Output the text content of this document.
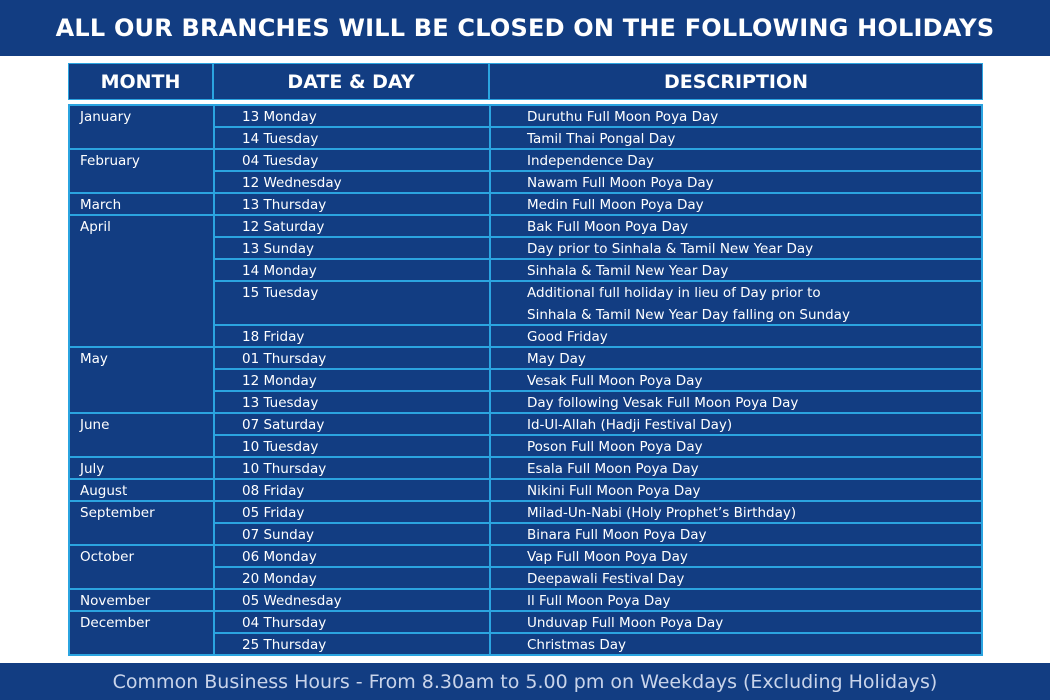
ALL OUR BRANCHES WILL BE CLOSED ON THE FOLLOWING HOLIDAYS
MONTH	DATE & DAY	DESCRIPTION
January	13 Monday	Duruthu Full Moon Poya Day
14 Tuesday	Tamil Thai Pongal Day
February	04 Tuesday	Independence Day
12 Wednesday	Nawam Full Moon Poya Day
March	13 Thursday	Medin Full Moon Poya Day
April	12 Saturday	Bak Full Moon Poya Day
13 Sunday	Day prior to Sinhala & Tamil New Year Day
14 Monday	Sinhala & Tamil New Year Day
15 Tuesday	Additional full holiday in lieu of Day prior to
Sinhala & Tamil New Year Day falling on Sunday
18 Friday	Good Friday
May	01 Thursday	May Day
12 Monday	Vesak Full Moon Poya Day
13 Tuesday	Day following Vesak Full Moon Poya Day
June	07 Saturday	Id-Ul-Allah (Hadji Festival Day)
10 Tuesday	Poson Full Moon Poya Day
July	10 Thursday	Esala Full Moon Poya Day
August	08 Friday	Nikini Full Moon Poya Day
September	05 Friday	Milad-Un-Nabi (Holy Prophet’s Birthday)
07 Sunday	Binara Full Moon Poya Day
October	06 Monday	Vap Full Moon Poya Day
20 Monday	Deepawali Festival Day
November	05 Wednesday	Il Full Moon Poya Day
December	04 Thursday	Unduvap Full Moon Poya Day
25 Thursday	Christmas Day
Common Business Hours - From 8.30am to 5.00 pm on Weekdays (Excluding Holidays)
